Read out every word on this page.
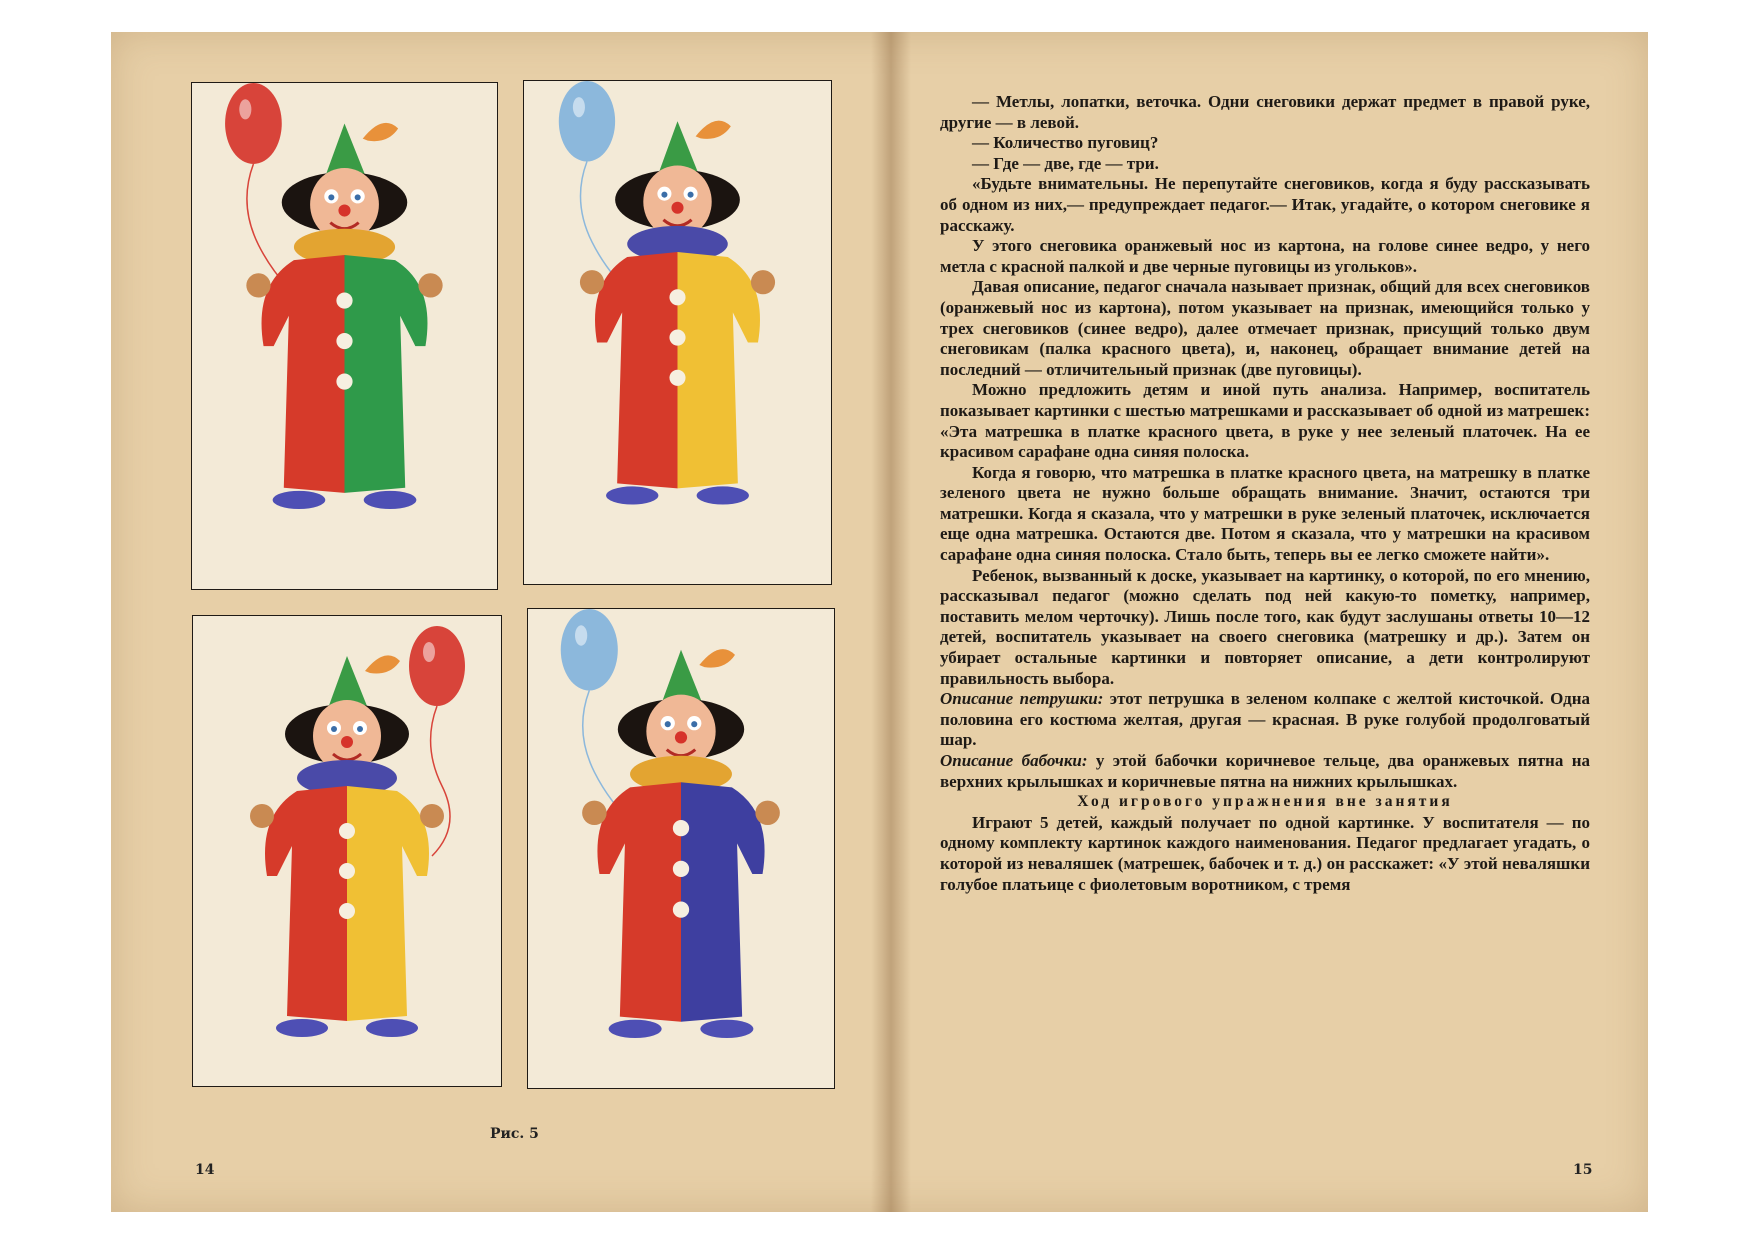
Рис. 5
14

— Метлы, лопатки, веточка. Одни снеговики держат предмет в правой руке, другие — в левой.

— Количество пуговиц?

— Где — две, где — три.

«Будьте внимательны. Не перепутайте снеговиков, когда я буду рассказывать об одном из них,— предупреждает педагог.— Итак, угадайте, о котором снеговике я расскажу.

У этого снеговика оранжевый нос из картона, на голове синее ведро, у него метла с красной палкой и две черные пуговицы из угольков».

Давая описание, педагог сначала называет признак, общий для всех снеговиков (оранжевый нос из картона), потом указывает на признак, имеющийся только у трех снеговиков (синее ведро), далее отмечает признак, присущий только двум снеговикам (палка красного цвета), и, наконец, обращает внимание детей на последний — отличительный признак (две пуговицы).

Можно предложить детям и иной путь анализа. Например, воспитатель показывает картинки с шестью матрешками и рассказывает об одной из матрешек: «Эта матрешка в платке красного цвета, в руке у нее зеленый платочек. На ее красивом сарафане одна синяя полоска.

Когда я говорю, что матрешка в платке красного цвета, на матрешку в платке зеленого цвета не нужно больше обращать внимание. Значит, остаются три матрешки. Когда я сказала, что у матрешки в руке зеленый платочек, исключается еще одна матрешка. Остаются две. Потом я сказала, что у матрешки на красивом сарафане одна синяя полоска. Стало быть, теперь вы ее легко сможете найти».

Ребенок, вызванный к доске, указывает на картинку, о которой, по его мнению, рассказывал педагог (можно сделать под ней какую-то пометку, например, поставить мелом черточку). Лишь после того, как будут заслушаны ответы 10—12 детей, воспитатель указывает на своего снеговика (матрешку и др.). Затем он убирает остальные картинки и повторяет описание, а дети контролируют правильность выбора.

Описание петрушки: этот петрушка в зеленом колпаке с желтой кисточкой. Одна половина его костюма желтая, другая — красная. В руке голубой продолговатый шар.

Описание бабочки: у этой бабочки коричневое тельце, два оранжевых пятна на верхних крылышках и коричневые пятна на нижних крылышках.

Ход игрового упражнения вне занятия

Играют 5 детей, каждый получает по одной картинке. У воспитателя — по одному комплекту картинок каждого наименования. Педагог предлагает угадать, о которой из неваляшек (матрешек, бабочек и т. д.) он расскажет: «У этой неваляшки голубое платьице с фиолетовым воротником, с тремя

15
